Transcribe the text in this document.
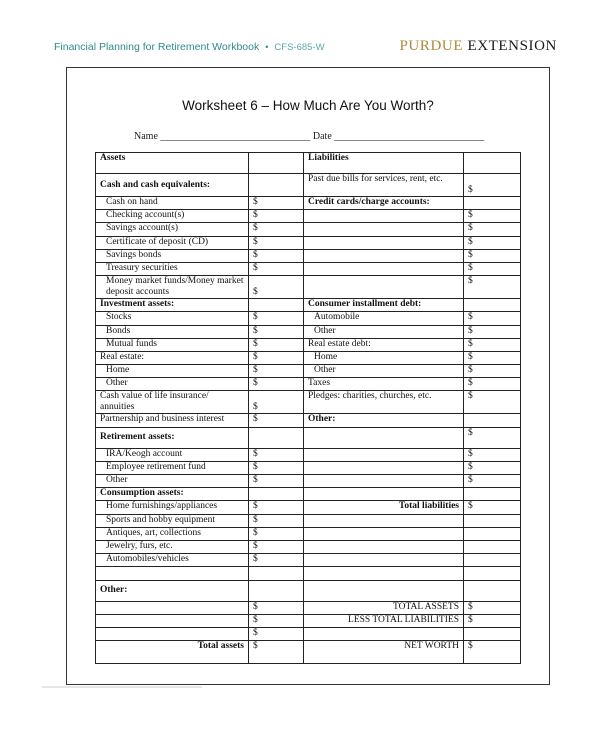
Financial Planning for Retirement Workbook • CFS-685-W	PURDUE EXTENSION
Worksheet 6 – How Much Are You Worth?
Name ______________________________ Date ______________________________
Assets		Liabilities	
Cash and cash equivalents:		Past due bills for services, rent, etc.	$
Cash on hand	$	Credit cards/charge accounts:	
Checking account(s)	$		$
Savings account(s)	$		$
Certificate of deposit (CD)	$		$
Savings bonds	$		$
Treasury securities	$		$
Money market funds/Money market deposit accounts	$		$
Investment assets:		Consumer installment debt:	
Stocks	$	Automobile	$
Bonds	$	Other	$
Mutual funds	$	Real estate debt:	$
Real estate:	$	Home	$
Home	$	Other	$
Other	$	Taxes	$
Cash value of life insurance/ annuities	$	Pledges: charities, churches, etc.	$
Partnership and business interest	$	Other:	
Retirement assets:			$
IRA/Keogh account	$		$
Employee retirement fund	$		$
Other	$		$
Consumption assets:			
Home furnishings/appliances	$	Total liabilities	$
Sports and hobby equipment	$		
Antiques, art, collections	$		
Jewelry, furs, etc.	$		
Automobiles/vehicles	$		

Other:			
	$	TOTAL ASSETS	$
	$	LESS TOTAL LIABILITIES	$
	$		
Total assets	$	NET WORTH	$
